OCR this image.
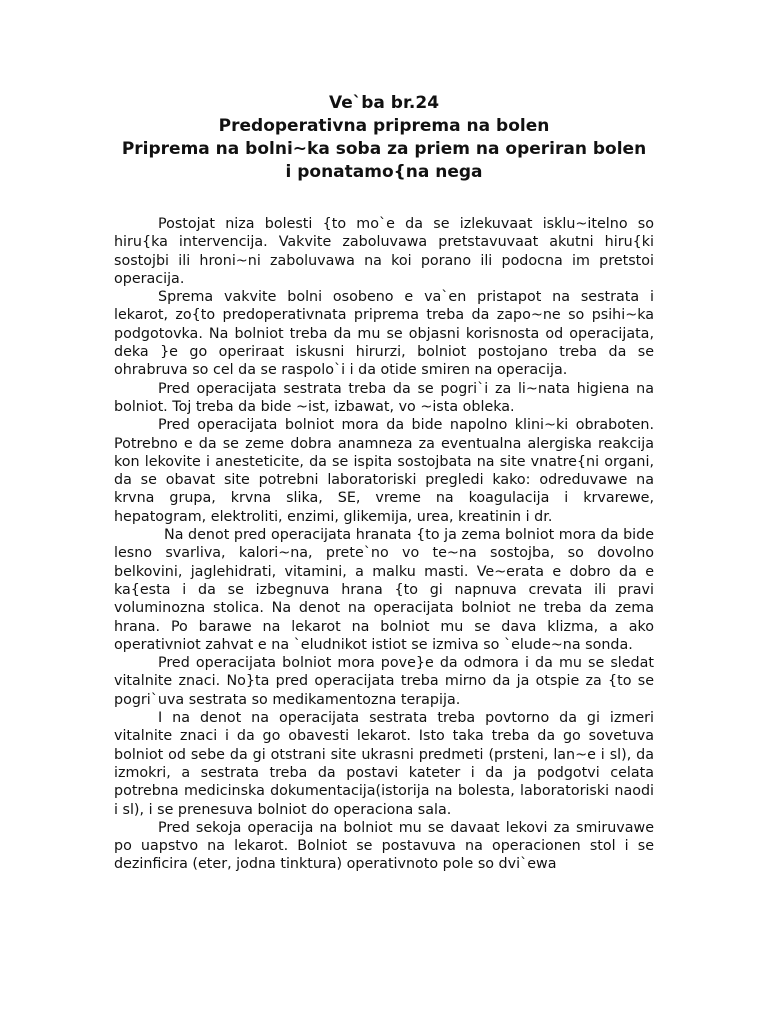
Ve`ba br.24
Predoperativna priprema na bolen
Priprema na bolni~ka soba za priem na operiran bolen
i ponatamo{na nega

Postojat niza bolesti {to mo`e da se izlekuvaat isklu~itelno so hiru{ka intervencija. Vakvite zaboluvawa pretstavuvaat akutni hiru{ki sostojbi ili hroni~ni zaboluvawa na koi porano ili podocna im pretstoi operacija.

Sprema vakvite bolni osobeno e va`en pristapot na sestrata i lekarot, zo{to predoperativnata priprema treba da zapo~ne so psihi~ka podgotovka. Na bolniot treba da mu se objasni korisnosta od operacijata, deka }e go operiraat iskusni hirurzi, bolniot postojano treba da se ohrabruva so cel da se raspolo`i i da otide smiren na operacija.

Pred operacijata sestrata treba da se pogri`i za li~nata higiena na bolniot. Toj treba da bide ~ist, izbawat, vo ~ista obleka.

Pred operacijata bolniot mora da bide napolno klini~ki obraboten. Potrebno e da se zeme dobra anamneza za eventualna alergiska reakcija kon lekovite i anesteticite, da se ispita sostojbata na site vnatre{ni organi, da se obavat site potrebni laboratoriski pregledi kako: odreduvawe na krvna grupa, krvna slika, SE, vreme na koagulacija i krvarewe, hepatogram, elektroliti, enzimi, glikemija, urea, kreatinin i dr.

Na denot pred operacijata hranata {to ja zema bolniot mora da bide lesno svarliva, kalori~na, prete`no vo te~na sostojba, so dovolno belkovini, jaglehidrati, vitamini, a malku masti. Ve~erata e dobro da e ka{esta i da se izbegnuva hrana {to gi napnuva crevata ili pravi voluminozna stolica. Na denot na operacijata bolniot ne treba da zema hrana. Po barawe na lekarot na bolniot mu se dava klizma, a ako operativniot zahvat e na `eludnikot istiot se izmiva so `elude~na sonda.

Pred operacijata bolniot mora pove}e da odmora i da mu se sledat vitalnite znaci. No}ta pred operacijata treba mirno da ja otspie za {to se pogri`uva sestrata so medikamentozna terapija.

I na denot na operacijata sestrata treba povtorno da gi izmeri vitalnite znaci i da go obavesti lekarot. Isto taka treba da go sovetuva bolniot od sebe da gi otstrani site ukrasni predmeti (prsteni, lan~e i sl), da izmokri, a sestrata treba da postavi kateter i da ja podgotvi celata potrebna medicinska dokumentacija(istorija na bolesta, laboratoriski naodi i sl), i se prenesuva bolniot do operaciona sala.

Pred sekoja operacija na bolniot mu se davaat lekovi za smiruvawe po uapstvo na lekarot. Bolniot se postavuva na operacionen stol i se dezinficira (eter, jodna tinktura) operativnoto pole so dvi`ewa
